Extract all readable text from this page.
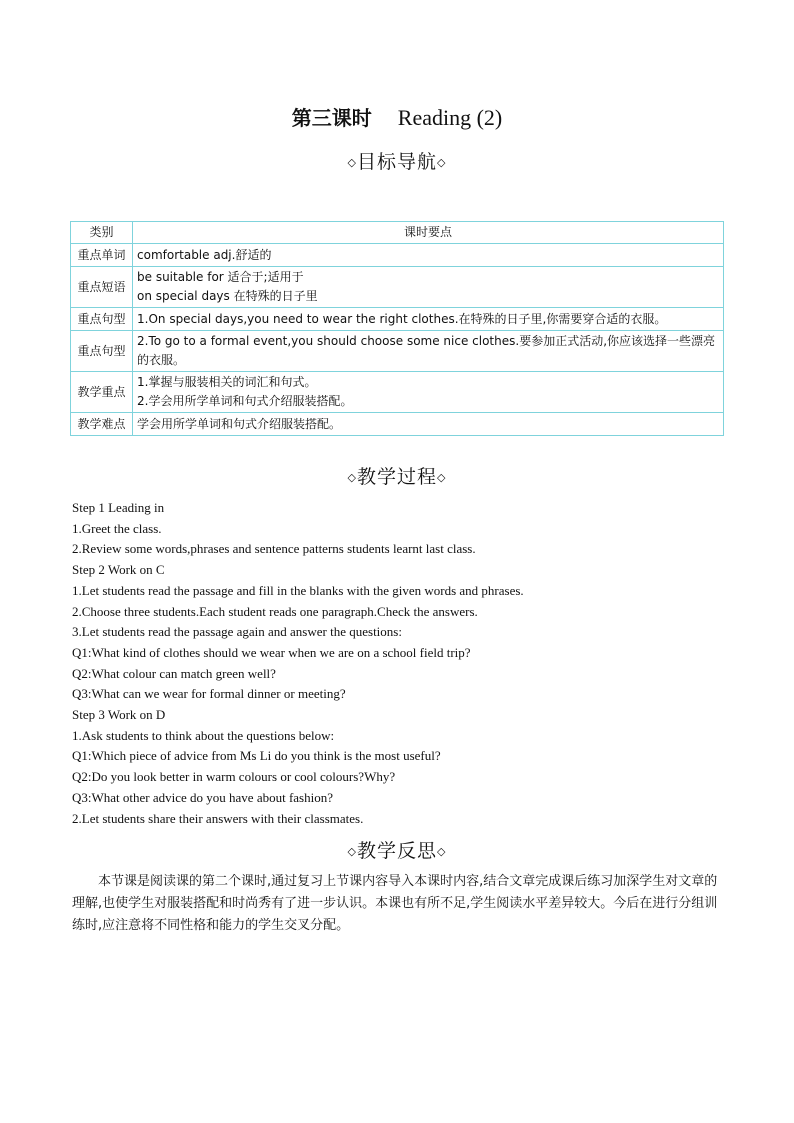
第三课时 Reading (2)
◇目标导航◇
类别	课时要点
重点单词	comfortable adj.舒适的

重点短语	be suitable for 适合于;适用于
on special days 在特殊的日子里

重点句型	1.On special days,you need to wear the right clothes.在特殊的日子里,你需要穿合适的衣服。

重点句型	2.To go to a formal event,you should choose some nice clothes.要参加正式活动,你应该选择一些漂亮的衣服。

教学重点	1.掌握与服装相关的词汇和句式。
2.学会用所学单词和句式介绍服装搭配。

教学难点	学会用所学单词和句式介绍服装搭配。
◇教学过程◇

Step 1 Leading in

1.Greet the class.

2.Review some words,phrases and sentence patterns students learnt last class.

Step 2 Work on C

1.Let students read the passage and fill in the blanks with the given words and phrases.

2.Choose three students.Each student reads one paragraph.Check the answers.

3.Let students read the passage again and answer the questions:

Q1:What kind of clothes should we wear when we are on a school field trip?

Q2:What colour can match green well?

Q3:What can we wear for formal dinner or meeting?

Step 3 Work on D

1.Ask students to think about the questions below:

Q1:Which piece of advice from Ms Li do you think is the most useful?

Q2:Do you look better in warm colours or cool colours?Why?

Q3:What other advice do you have about fashion?

2.Let students share their answers with their classmates.

◇教学反思◇

本节课是阅读课的第二个课时,通过复习上节课内容导入本课时内容,结合文章完成课后练习加深学生对文章的理解,也使学生对服装搭配和时尚秀有了进一步认识。本课也有所不足,学生阅读水平差异较大。今后在进行分组训练时,应注意将不同性格和能力的学生交叉分配。
